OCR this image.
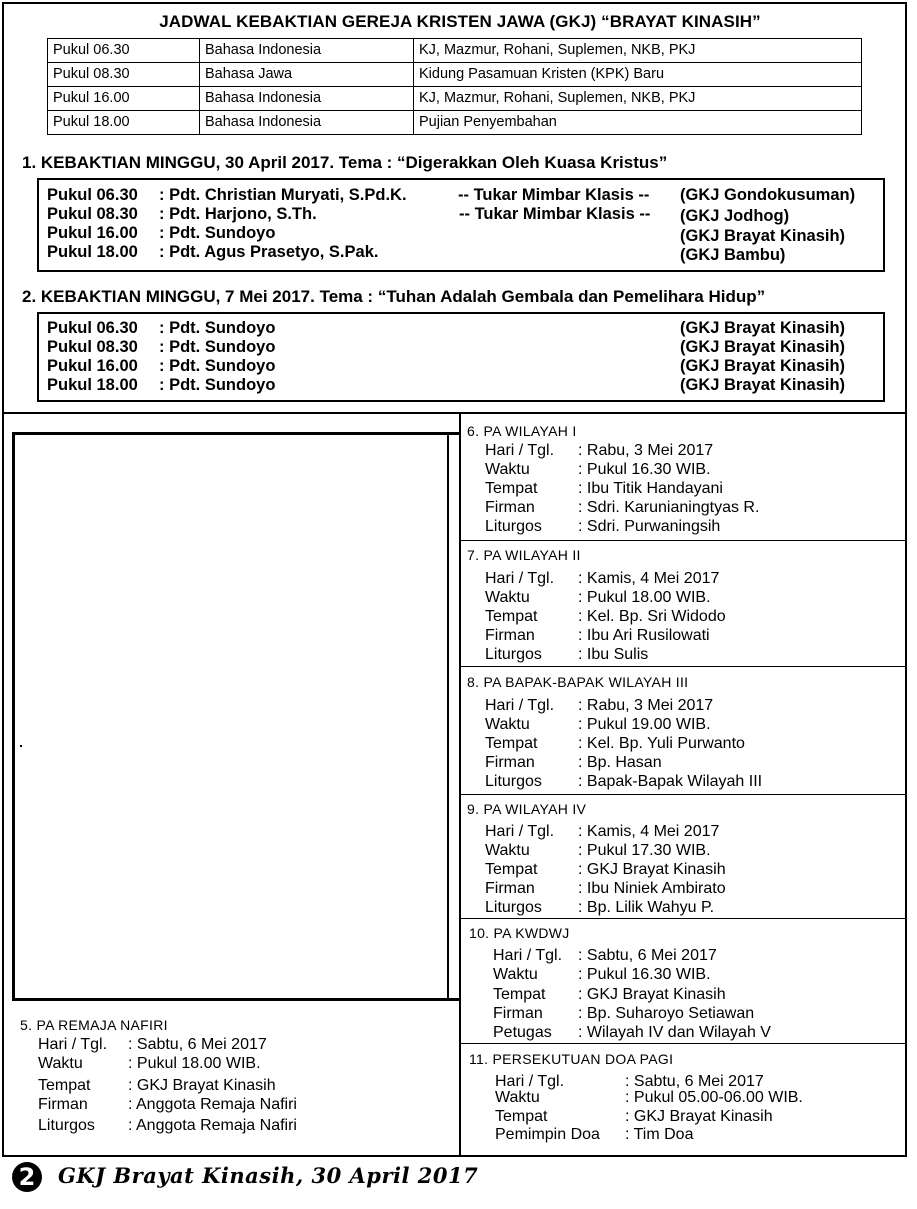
JADWAL KEBAKTIAN GEREJA KRISTEN JAWA (GKJ) “BRAYAT KINASIH”
Pukul 06.30	Bahasa Indonesia	KJ, Mazmur, Rohani, Suplemen, NKB, PKJ
Pukul 08.30	Bahasa Jawa	Kidung Pasamuan Kristen (KPK) Baru
Pukul 16.00	Bahasa Indonesia	KJ, Mazmur, Rohani, Suplemen, NKB, PKJ
Pukul 18.00	Bahasa Indonesia	Pujian Penyembahan
1. KEBAKTIAN MINGGU, 30 April 2017. Tema : “Digerakkan Oleh Kuasa Kristus”
Pukul 06.30 : Pdt. Christian Muryati, S.Pd.K.	-- Tukar Mimbar Klasis -- (GKJ Gondokusuman)
Pukul 08.30 : Pdt. Harjono, S.Th.	-- Tukar Mimbar Klasis -- (GKJ Jodhog)
Pukul 16.00 : Pdt. Sundoyo	(GKJ Brayat Kinasih)
Pukul 18.00 : Pdt. Agus Prasetyo, S.Pak.	(GKJ Bambu)
2. KEBAKTIAN MINGGU, 7 Mei 2017. Tema : “Tuhan Adalah Gembala dan Pemelihara Hidup”
Pukul 06.30 : Pdt. Sundoyo	(GKJ Brayat Kinasih)
Pukul 08.30 : Pdt. Sundoyo	(GKJ Brayat Kinasih)
Pukul 16.00 : Pdt. Sundoyo	(GKJ Brayat Kinasih)
Pukul 18.00 : Pdt. Sundoyo	(GKJ Brayat Kinasih)
5. PA REMAJA NAFIRI
Hari / Tgl. : Sabtu, 6 Mei 2017
Waktu	: Pukul 18.00 WIB.
Tempat : GKJ Brayat Kinasih
Firman	: Anggota Remaja Nafiri
Liturgos : Anggota Remaja Nafiri
6. PA WILAYAH I
Hari / Tgl. : Rabu, 3 Mei 2017
Waktu	: Pukul 16.30 WIB.
Tempat	: Ibu Titik Handayani
Firman	: Sdri. Karunianingtyas R.
Liturgos : Sdri. Purwaningsih
7. PA WILAYAH II
Hari / Tgl. : Kamis, 4 Mei 2017
Waktu	: Pukul 18.00 WIB.
Tempat	: Kel. Bp. Sri Widodo
Firman	: Ibu Ari Rusilowati
Liturgos : Ibu Sulis
8. PA BAPAK-BAPAK WILAYAH III
Hari / Tgl. : Rabu, 3 Mei 2017
Waktu	: Pukul 19.00 WIB.
Tempat	: Kel. Bp. Yuli Purwanto
Firman	: Bp. Hasan
Liturgos : Bapak-Bapak Wilayah III
9. PA WILAYAH IV
Hari / Tgl. : Kamis, 4 Mei 2017
Waktu	: Pukul 17.30 WIB.
Tempat	: GKJ Brayat Kinasih
Firman	: Ibu Niniek Ambirato
Liturgos : Bp. Lilik Wahyu P.
10. PA KWDWJ
Hari / Tgl. : Sabtu, 6 Mei 2017
Waktu	: Pukul 16.30 WIB.
Tempat : GKJ Brayat Kinasih
Firman : Bp. Suharoyo Setiawan
Petugas : Wilayah IV dan Wilayah V
11. PERSEKUTUAN DOA PAGI
Hari / Tgl.	: Sabtu, 6 Mei 2017
Waktu	: Pukul 05.00-06.00 WIB.
Tempat	: GKJ Brayat Kinasih
Pemimpin Doa : Tim Doa
2	GKJ Brayat Kinasih, 30 April 2017
